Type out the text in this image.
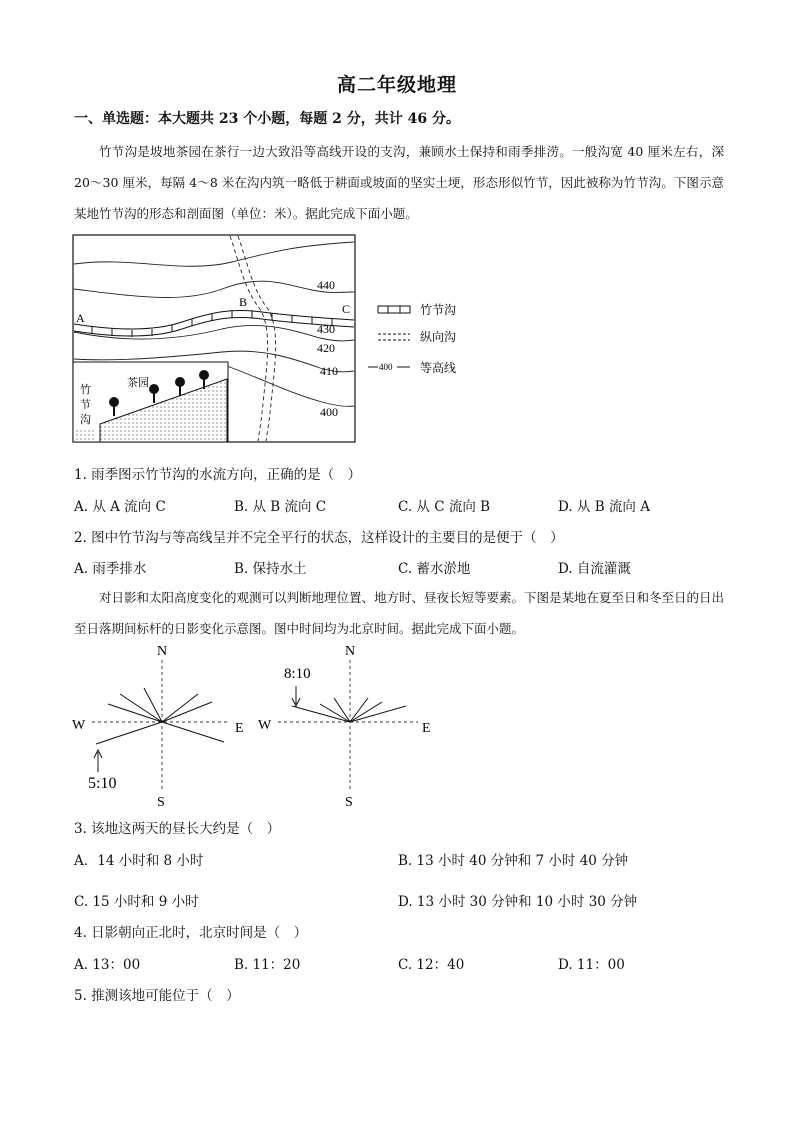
高二年级地理
一、单选题：本大题共 23 个小题，每题 2 分，共计 46 分。

竹节沟是坡地茶园在茶行一边大致沿等高线开设的支沟，兼顾水土保持和雨季排涝。一般沟宽 40 厘米左右，深 20～30 厘米，每隔 4～8 米在沟内筑一略低于耕面或坡面的坚实土埂，形态形似竹节，因此被称为竹节沟。下图示意某地竹节沟的形态和剖面图（单位：米）。据此完成下面小题。

A
B	C
440
430
420
410
400
茶园
竹
节
沟
竹节沟
纵向沟
400 等高线
1. 雨季图示竹节沟的水流方向，正确的是（　）
A. 从 A 流向 C	B. 从 B 流向 C	C. 从 C 流向 B	D. 从 B 流向 A
2. 图中竹节沟与等高线呈并不完全平行的状态，这样设计的主要目的是便于（　）
A. 雨季排水	B. 保持水土	C. 蓄水淤地	D. 自流灌溉

对日影和太阳高度变化的观测可以判断地理位置、地方时、昼夜长短等要素。下图是某地在夏至日和冬至日的日出至日落期间标杆的日影变化示意图。图中时间均为北京时间。据此完成下面小题。

N
S
E
W
5:10
N
S
E
W
8:10
3. 该地这两天的昼长大约是（　）
A．14 小时和 8 小时	B. 13 小时 40 分钟和 7 小时 40 分钟
C. 15 小时和 9 小时	D. 13 小时 30 分钟和 10 小时 30 分钟
4. 日影朝向正北时，北京时间是（　）
A. 13：00	B. 11：20	C. 12：40	D. 11：00
5. 推测该地可能位于（　）
